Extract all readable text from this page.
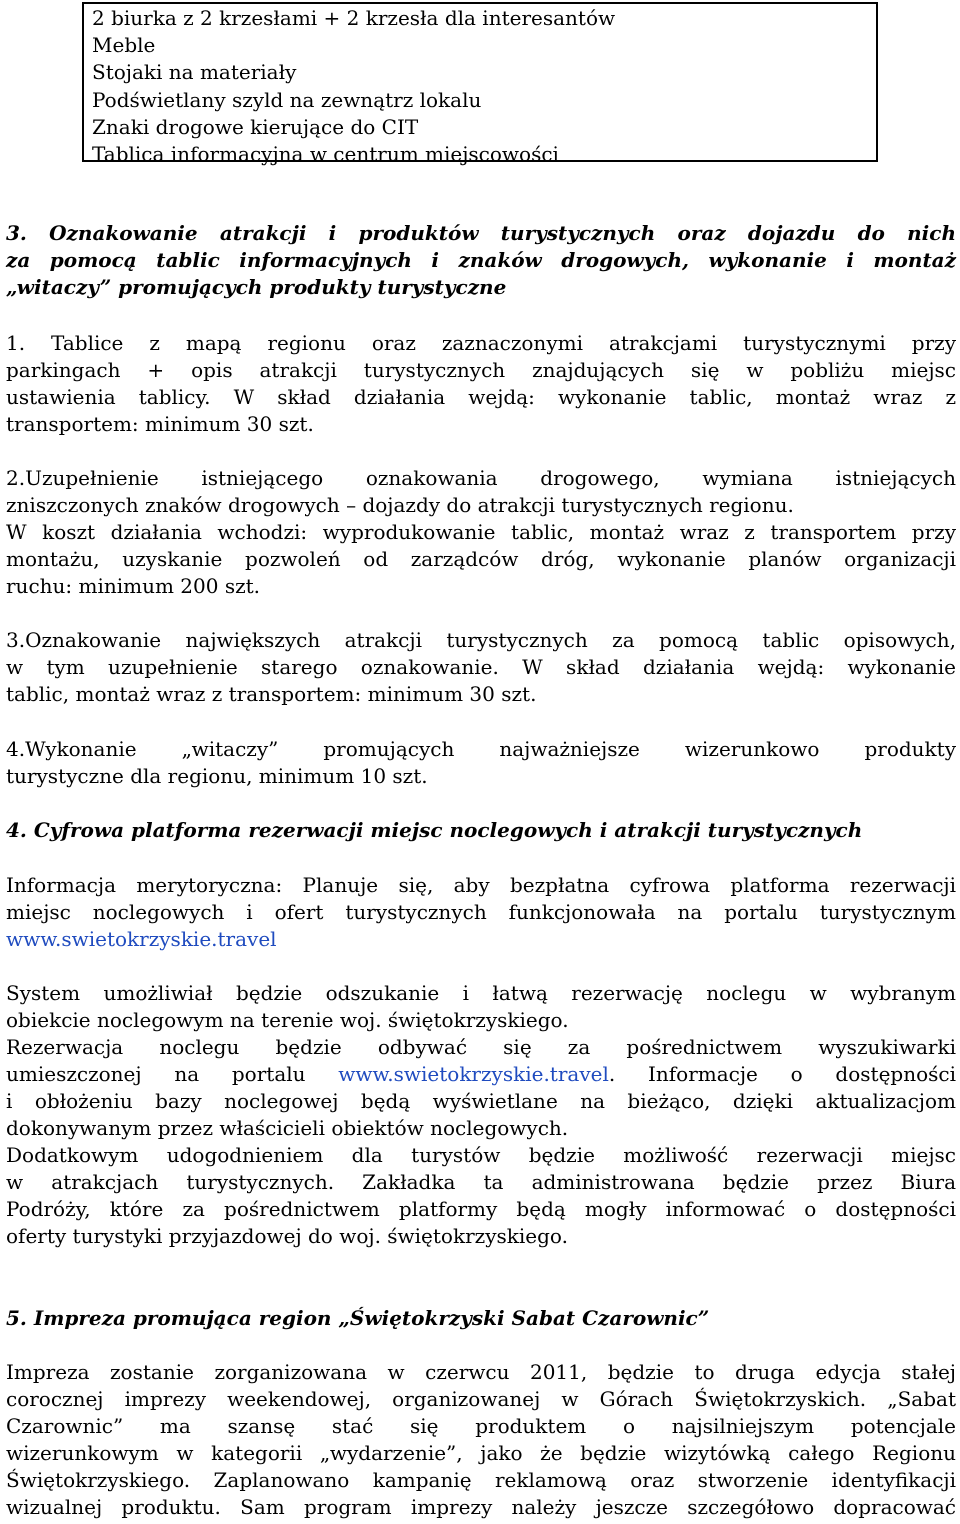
2 biurka z 2 krzesłami + 2 krzesła dla interesantów
Meble
Stojaki na materiały
Podświetlany szyld na zewnątrz lokalu
Znaki drogowe kierujące do CIT
Tablica informacyjna w centrum miejscowości
3. Oznakowanie atrakcji i produktów turystycznych oraz dojazdu do nich
za pomocą tablic informacyjnych i znaków drogowych, wykonanie i montaż
„witaczy” promujących produkty turystyczne
1. Tablice z mapą regionu oraz zaznaczonymi atrakcjami turystycznymi przy
parkingach + opis atrakcji turystycznych znajdujących się w pobliżu miejsc
ustawienia tablicy. W skład działania wejdą: wykonanie tablic, montaż wraz z
transportem: minimum 30 szt.
2.Uzupełnienie istniejącego oznakowania drogowego, wymiana istniejących
zniszczonych znaków drogowych – dojazdy do atrakcji turystycznych regionu.
W koszt działania wchodzi: wyprodukowanie tablic, montaż wraz z transportem przy
montażu, uzyskanie pozwoleń od zarządców dróg, wykonanie planów organizacji
ruchu: minimum 200 szt.
3.Oznakowanie największych atrakcji turystycznych za pomocą tablic opisowych,
w tym uzupełnienie starego oznakowanie. W skład działania wejdą: wykonanie
tablic, montaż wraz z transportem: minimum 30 szt.
4.Wykonanie „witaczy” promujących najważniejsze wizerunkowo produkty
turystyczne dla regionu, minimum 10 szt.
4. Cyfrowa platforma rezerwacji miejsc noclegowych i atrakcji turystycznych
Informacja merytoryczna: Planuje się, aby bezpłatna cyfrowa platforma rezerwacji
miejsc noclegowych i ofert turystycznych funkcjonowała na portalu turystycznym
www.swietokrzyskie.travel
System umożliwiał będzie odszukanie i łatwą rezerwację noclegu w wybranym
obiekcie noclegowym na terenie woj. świętokrzyskiego.
Rezerwacja noclegu będzie odbywać się za pośrednictwem wyszukiwarki
umieszczonej na portalu www.swietokrzyskie.travel. Informacje o dostępności
i obłożeniu bazy noclegowej będą wyświetlane na bieżąco, dzięki aktualizacjom
dokonywanym przez właścicieli obiektów noclegowych.
Dodatkowym udogodnieniem dla turystów będzie możliwość rezerwacji miejsc
w atrakcjach turystycznych. Zakładka ta administrowana będzie przez Biura
Podróży, które za pośrednictwem platformy będą mogły informować o dostępności
oferty turystyki przyjazdowej do woj. świętokrzyskiego.
5. Impreza promująca region „Świętokrzyski Sabat Czarownic”
Impreza zostanie zorganizowana w czerwcu 2011, będzie to druga edycja stałej
corocznej imprezy weekendowej, organizowanej w Górach Świętokrzyskich. „Sabat
Czarownic” ma szansę stać się produktem o najsilniejszym potencjale
wizerunkowym w kategorii „wydarzenie”, jako że będzie wizytówką całego Regionu
Świętokrzyskiego. Zaplanowano kampanię reklamową oraz stworzenie identyfikacji
wizualnej produktu. Sam program imprezy należy jeszcze szczegółowo dopracować
